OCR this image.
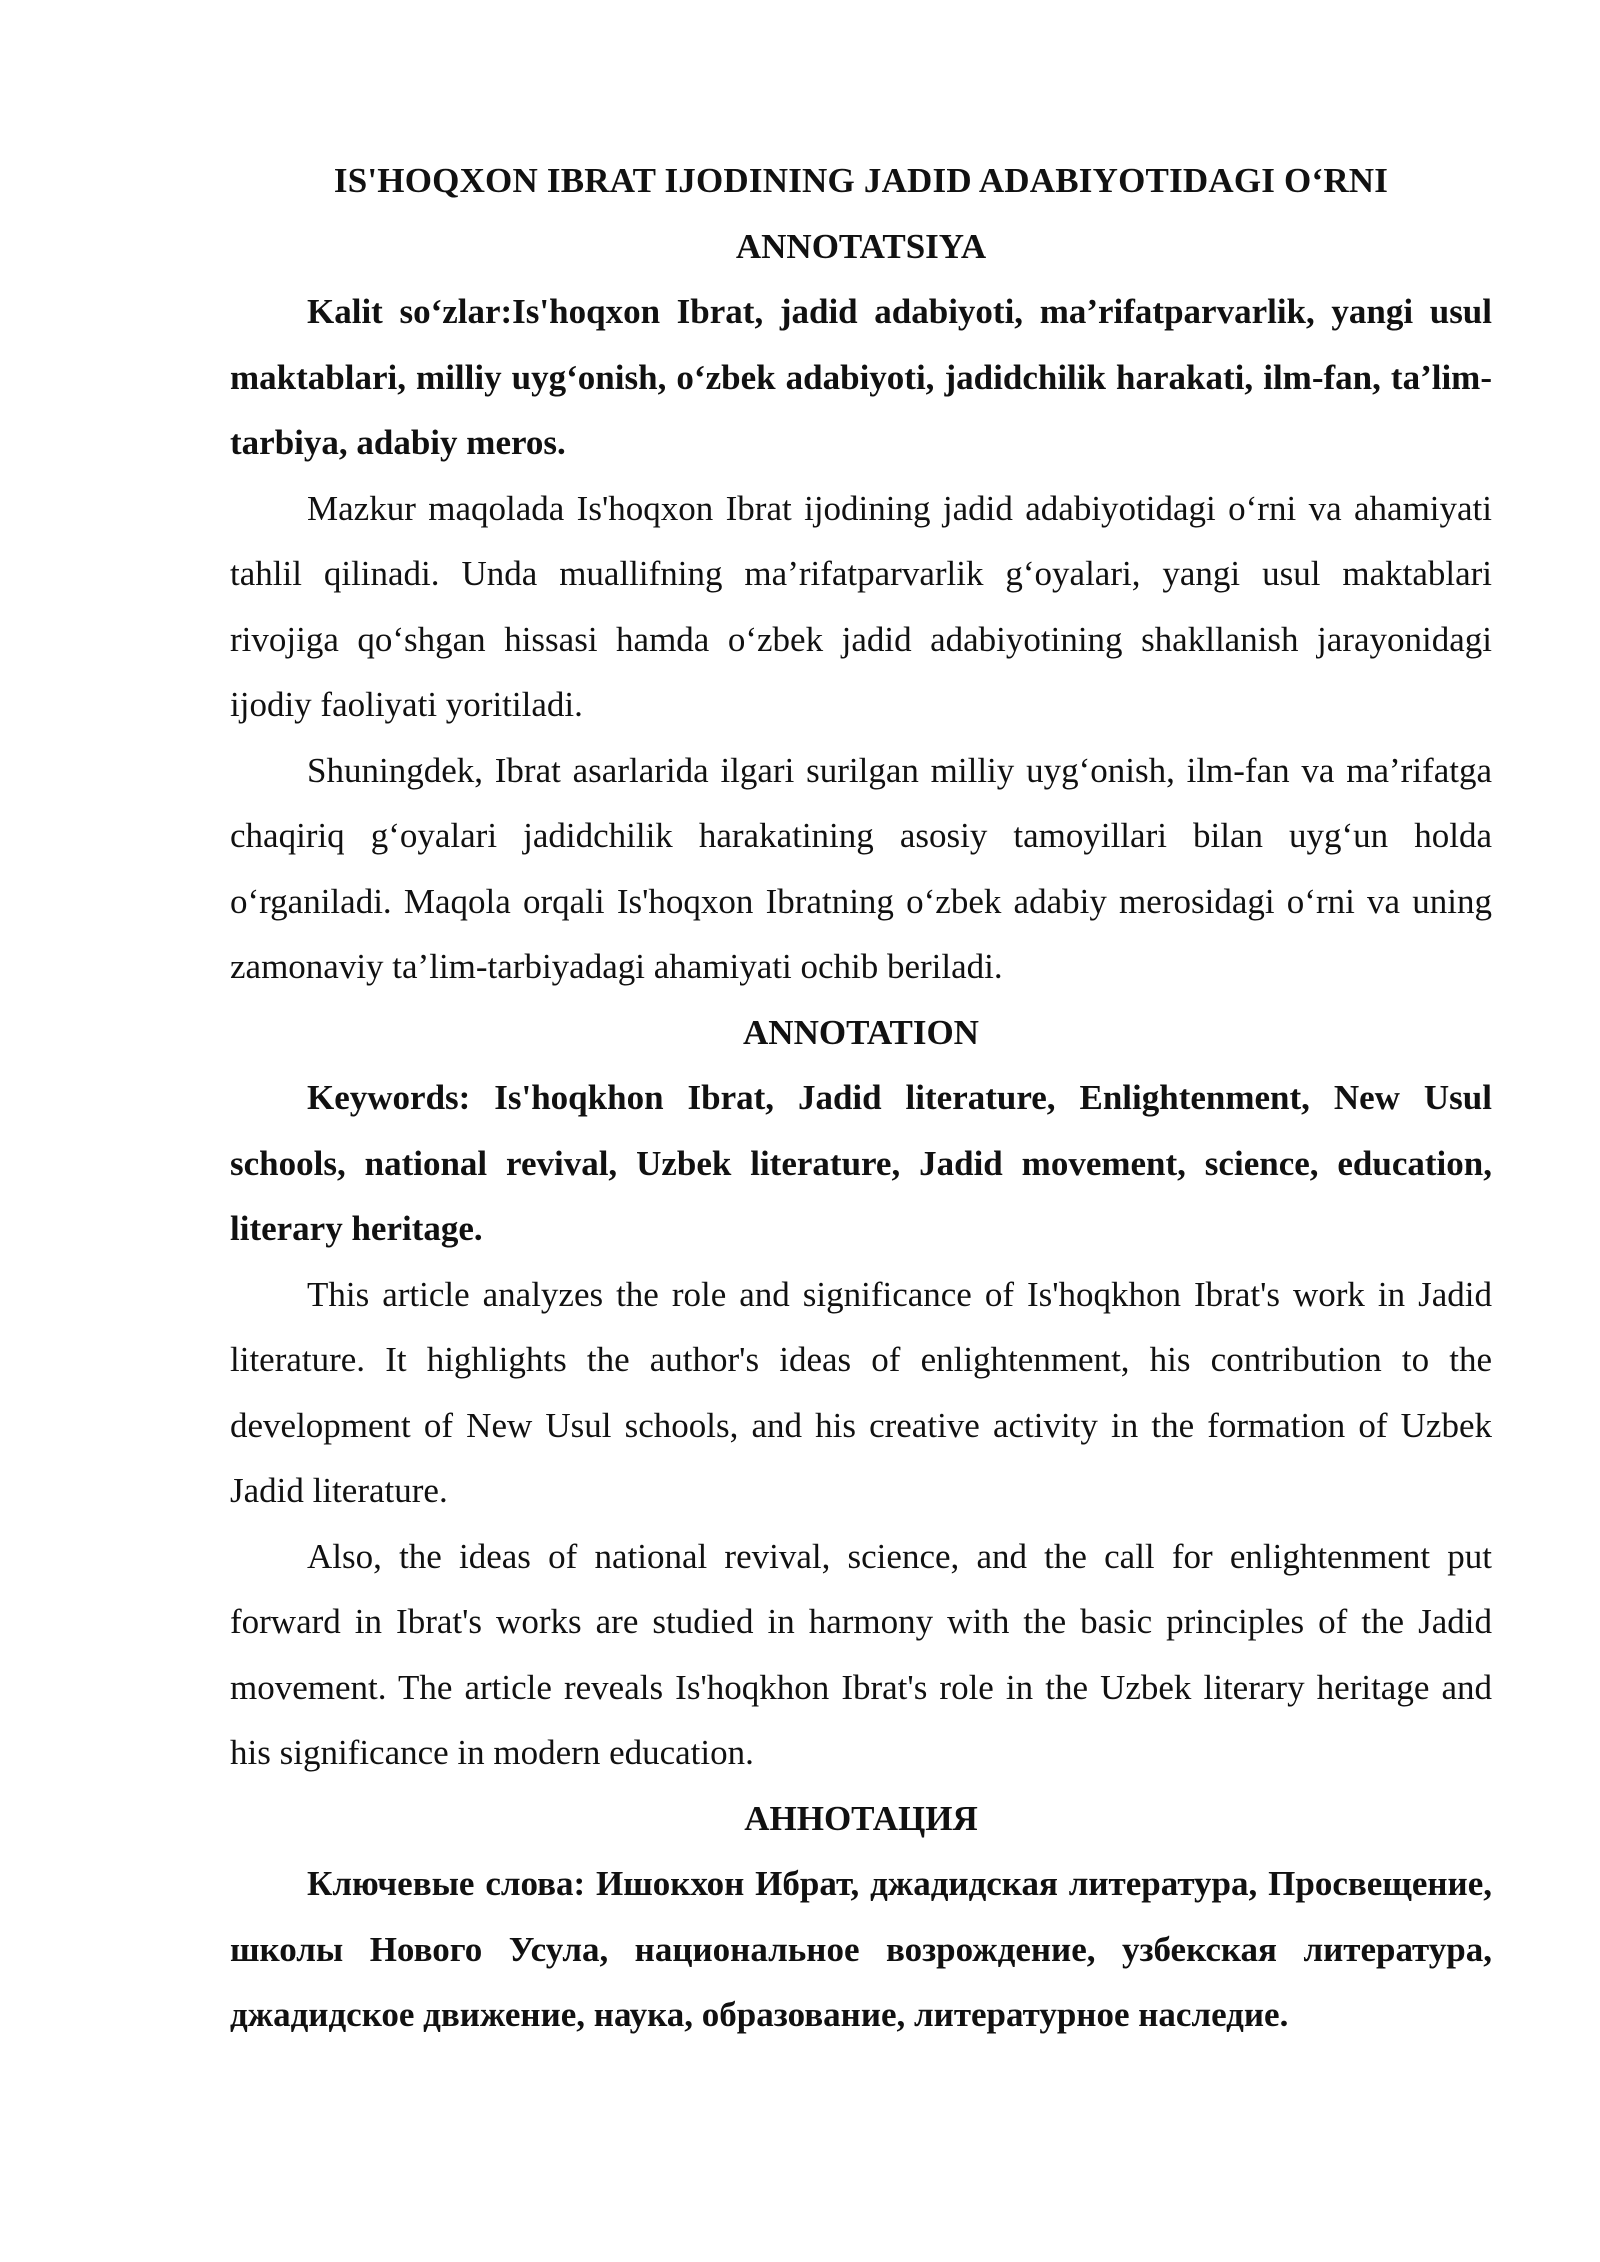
IS'HOQXON IBRAT IJODINING JADID ADABIYOTIDAGI O‘RNI

ANNOTATSIYA

Kalit so‘zlar:Is'hoqxon Ibrat, jadid adabiyoti, ma’rifatparvarlik, yangi usul maktablari, milliy uyg‘onish, o‘zbek adabiyoti, jadidchilik harakati, ilm-fan, ta’lim-tarbiya, adabiy meros.

Mazkur maqolada Is'hoqxon Ibrat ijodining jadid adabiyotidagi o‘rni va ahamiyati tahlil qilinadi. Unda muallifning ma’rifatparvarlik g‘oyalari, yangi usul maktablari rivojiga qo‘shgan hissasi hamda o‘zbek jadid adabiyotining shakllanish jarayonidagi ijodiy faoliyati yoritiladi.

Shuningdek, Ibrat asarlarida ilgari surilgan milliy uyg‘onish, ilm-fan va ma’rifatga chaqiriq g‘oyalari jadidchilik harakatining asosiy tamoyillari bilan uyg‘un holda o‘rganiladi. Maqola orqali Is'hoqxon Ibratning o‘zbek adabiy merosidagi o‘rni va uning zamonaviy ta’lim-tarbiyadagi ahamiyati ochib beriladi.

ANNOTATION

Keywords: Is'hoqkhon Ibrat, Jadid literature, Enlightenment, New Usul schools, national revival, Uzbek literature, Jadid movement, science, education, literary heritage.

This article analyzes the role and significance of Is'hoqkhon Ibrat's work in Jadid literature. It highlights the author's ideas of enlightenment, his contribution to the development of New Usul schools, and his creative activity in the formation of Uzbek Jadid literature.

Also, the ideas of national revival, science, and the call for enlightenment put forward in Ibrat's works are studied in harmony with the basic principles of the Jadid movement. The article reveals Is'hoqkhon Ibrat's role in the Uzbek literary heritage and his significance in modern education.

АННОТАЦИЯ

Ключевые слова: Ишокхон Ибрат, джадидская литература, Просвещение, школы Нового Усула, национальное возрождение, узбекская литература, джадидское движение, наука, образование, литературное наследие.
